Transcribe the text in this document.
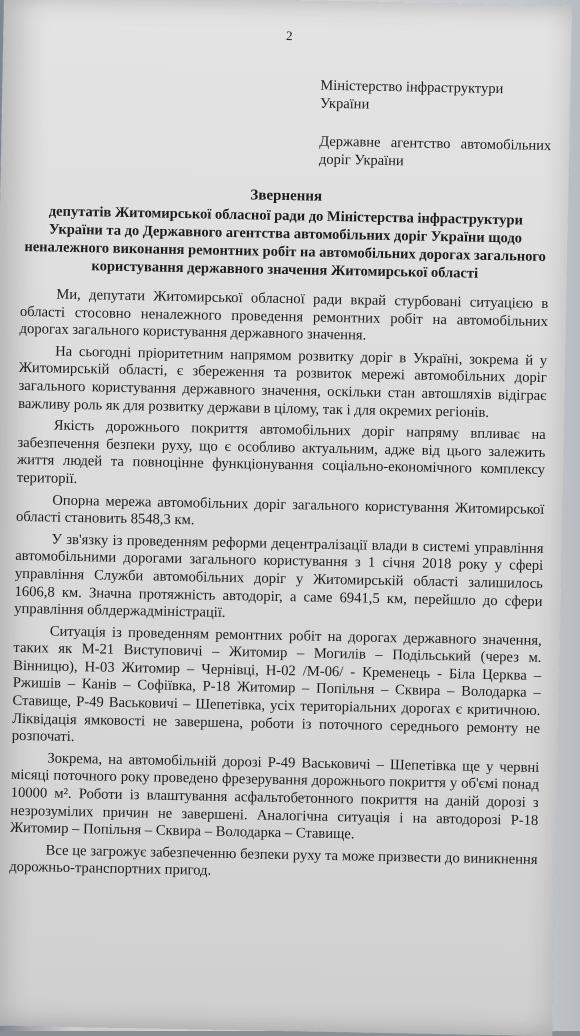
2

Міністерство інфраструктури України

Державне агентство автомобільних доріг України

Звернення
депутатів Житомирської обласної ради до Міністерства інфраструктури України та до Державного агентства автомобільних доріг України щодо неналежного виконання ремонтних робіт на автомобільних дорогах загального користування державного значення Житомирської області

Ми, депутати Житомирської обласної ради вкрай стурбовані ситуацією в області стосовно неналежного проведення ремонтних робіт на автомобільних дорогах загального користування державного значення.

На сьогодні пріоритетним напрямом розвитку доріг в Україні, зокрема й у Житомирській області, є збереження та розвиток мережі автомобільних доріг загального користування державного значення, оскільки стан автошляхів відіграє важливу роль як для розвитку держави в цілому, так і для окремих регіонів.

Якість дорожнього покриття автомобільних доріг напряму впливає на забезпечення безпеки руху, що є особливо актуальним, адже від цього залежить життя людей та повноцінне функціонування соціально-економічного комплексу території.

Опорна мережа автомобільних доріг загального користування Житомирської області становить 8548,3 км.

У зв'язку із проведенням реформи децентралізації влади в системі управління автомобільними дорогами загального користування з 1 січня 2018 року у сфері управління Служби автомобільних доріг у Житомирській області залишилось 1606,8 км. Значна протяжність автодоріг, а саме 6941,5 км, перейшло до сфери управління облдержадміністрації.

Ситуація із проведенням ремонтних робіт на дорогах державного значення, таких як М-21 Виступовичі – Житомир – Могилів – Подільський (через м. Вінницю), Н-03 Житомир – Чернівці, Н-02 /М-06/ - Кременець - Біла Церква – Ржишів – Канів – Софіївка, Р-18 Житомир – Попільня – Сквира – Володарка – Ставище, Р-49 Васьковичі – Шепетівка, усіх територіальних дорогах є критичною. Ліквідація ямковості не завершена, роботи із поточного середнього ремонту не розпочаті.

Зокрема, на автомобільній дорозі Р-49 Васьковичі – Шепетівка ще у червні місяці поточного року проведено фрезерування дорожнього покриття у об'ємі понад 10000 м². Роботи із влаштування асфальтобетонного покриття на даній дорозі з незрозумілих причин не завершені. Аналогічна ситуація і на автодорозі Р-18 Житомир – Попільня – Сквира – Володарка – Ставище.

Все це загрожує забезпеченню безпеки руху та може призвести до виникнення дорожньо-транспортних пригод.
